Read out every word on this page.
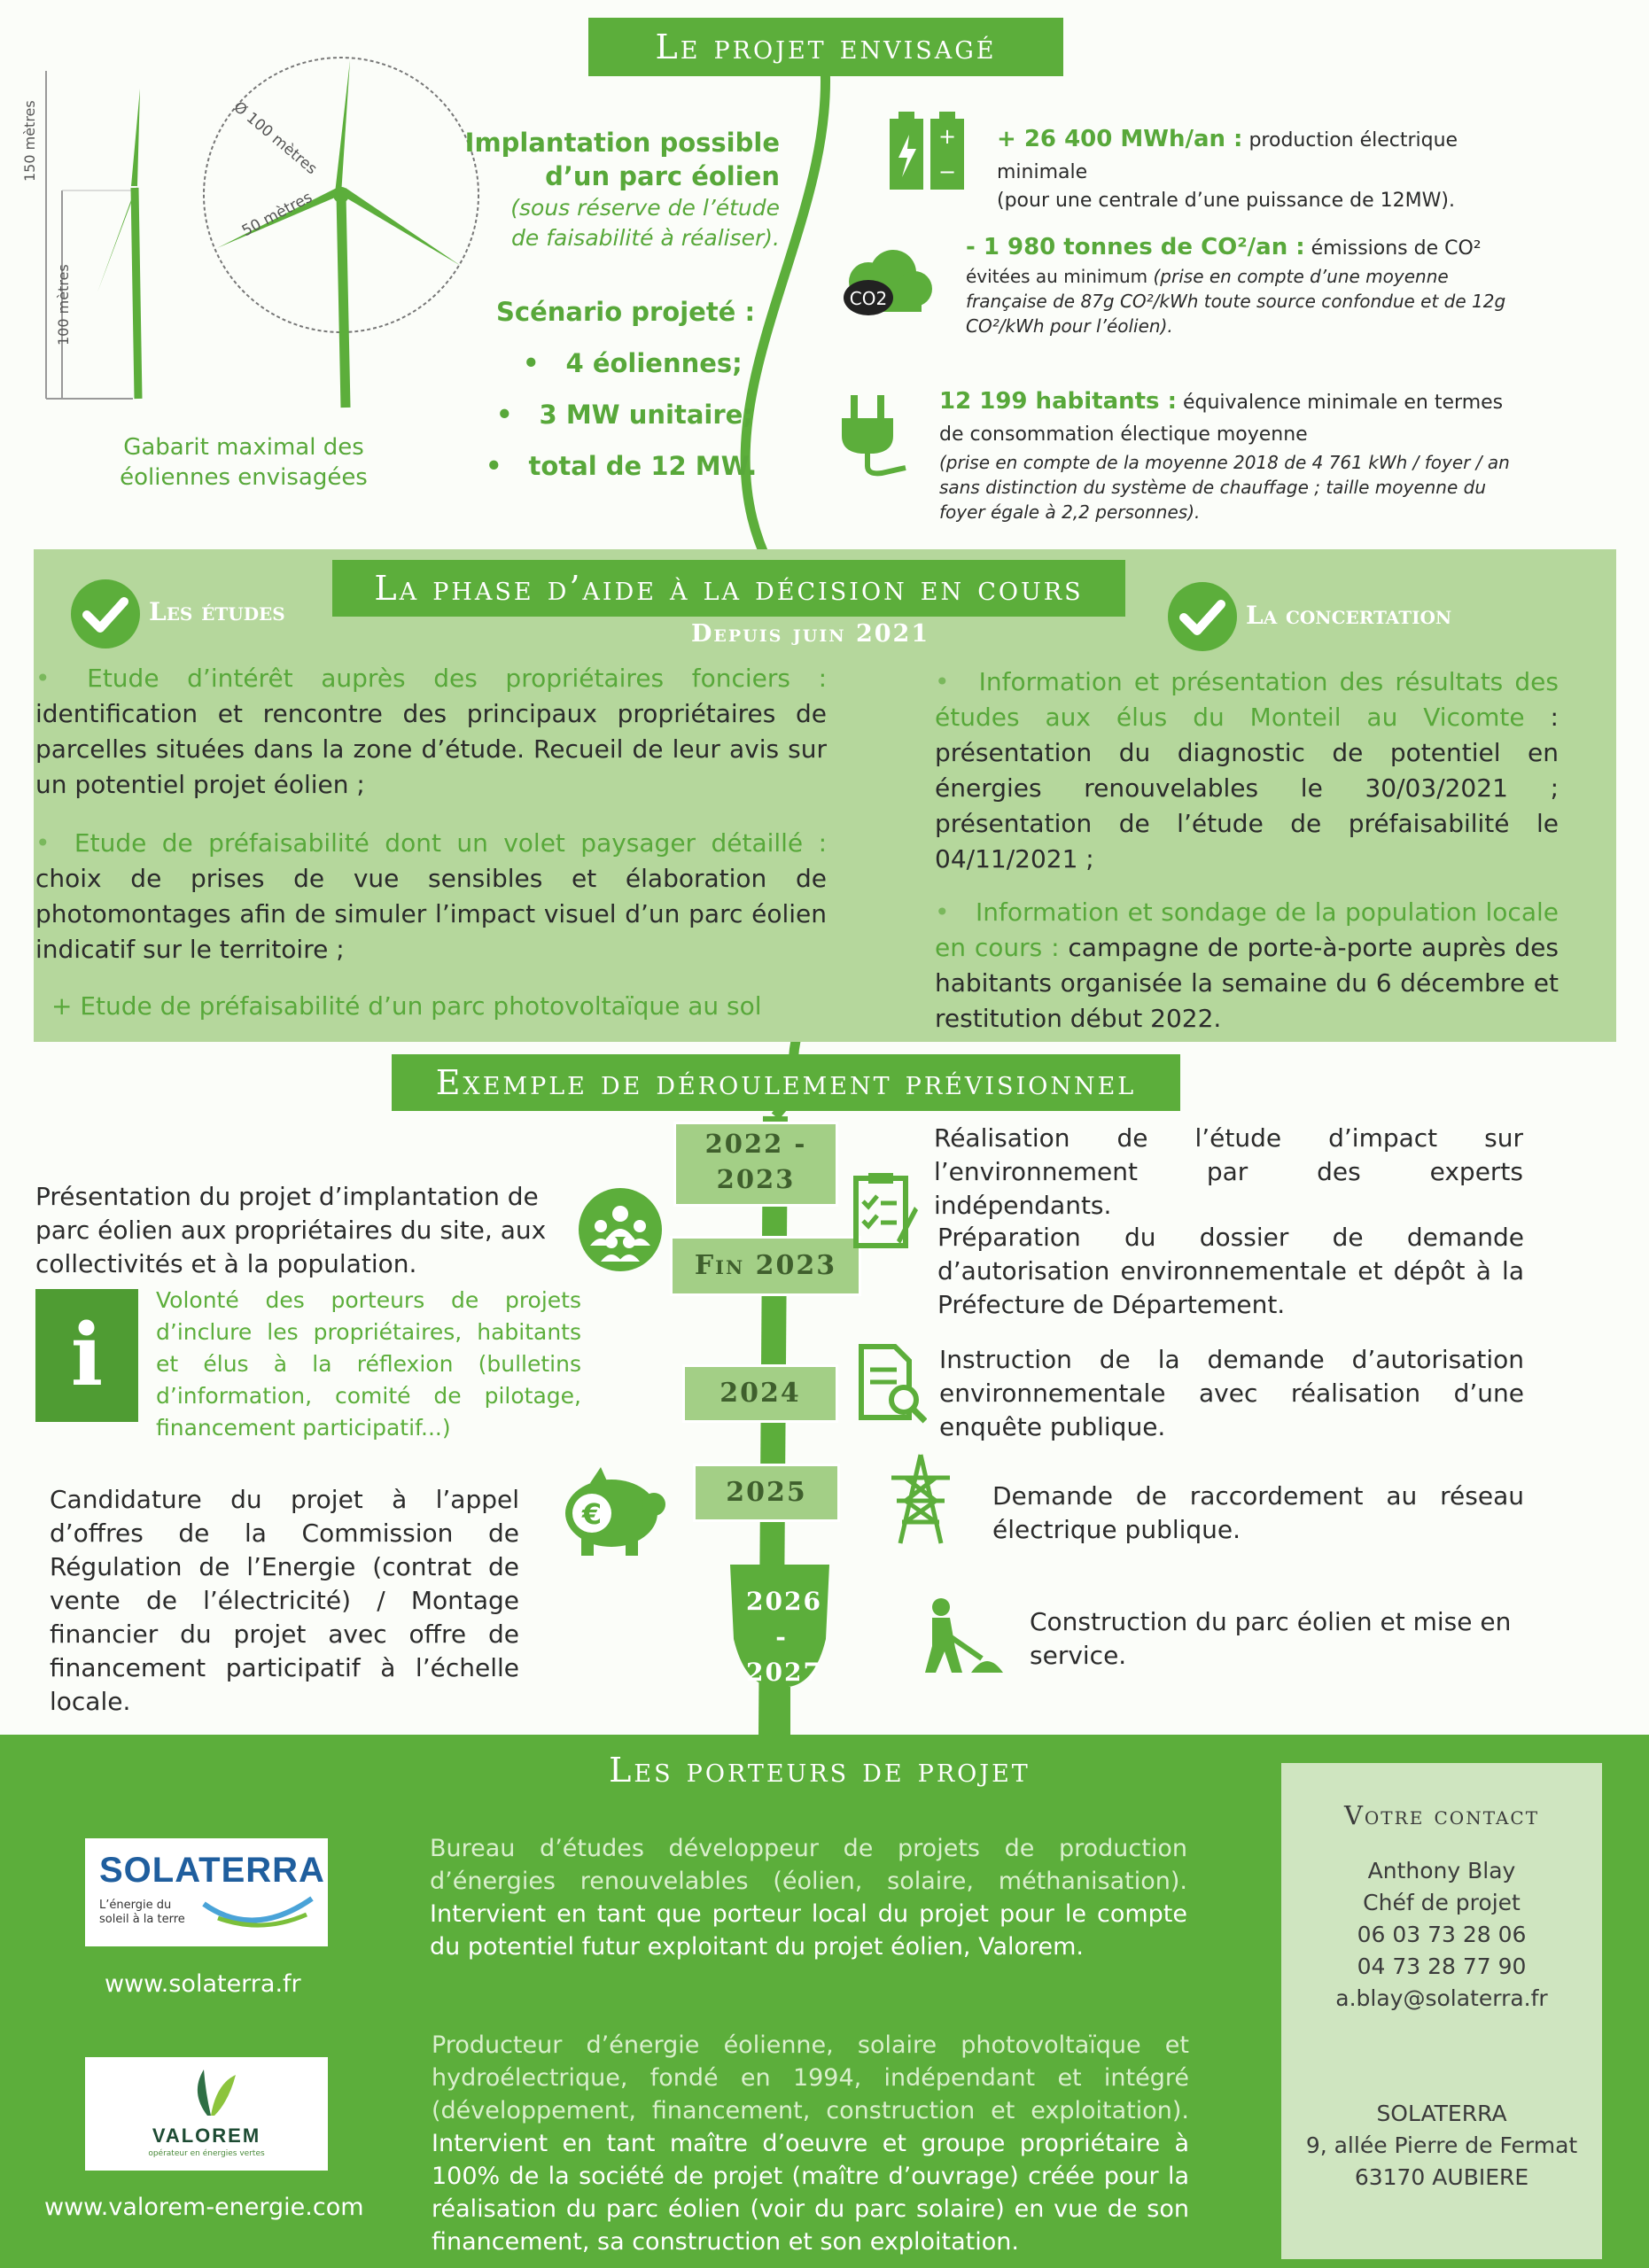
Le projet envisagé
150 mètres
100 mètres
Ø 100 mètres
50 mètres
Gabarit maximal des éoliennes envisagées
Implantation possible
d’un parc éolien
(sous réserve de l’étude
de faisabilité à réaliser).
Scénario projeté :
• 4 éoliennes;
• 3 MW unitaire;
• total de 12 MW.
+
−
+ 26 400 MWh/an : production électrique minimale
(pour une centrale d’une puissance de 12MW).
CO2
- 1 980 tonnes de CO²/an : émissions de CO²
évitées au minimum (prise en compte d’une moyenne française de 87g CO²/kWh toute source confondue et de 12g CO²/kWh pour l’éolien).
12 199 habitants : équivalence minimale en termes de consommation électique moyenne
(prise en compte de la moyenne 2018 de 4 761 kWh / foyer / an sans distinction du système de chauffage ; taille moyenne du foyer égale à 2,2 personnes).
La phase d’aide à la décision en cours
Depuis juin 2021
Les études	La concertation
• Etude d’intérêt auprès des propriétaires fonciers : identification et rencontre des principaux propriétaires de parcelles situées dans la zone d’étude. Recueil de leur avis sur un potentiel projet éolien ;
• Etude de préfaisabilité dont un volet paysager détaillé : choix de prises de vue sensibles et élaboration de photomontages afin de simuler l’impact visuel d’un parc éolien indicatif sur le territoire ;
+ Etude de préfaisabilité d’un parc photovoltaïque au sol
• Information et présentation des résultats des études aux élus du Monteil au Vicomte : présentation du diagnostic de potentiel en énergies renouvelables le 30/03/2021 ; présentation de l’étude de préfaisabilité le 04/11/2021 ;
• Information et sondage de la population locale en cours : campagne de porte-à-porte auprès des habitants organisée la semaine du 6 décembre et restitution début 2022.
Exemple de déroulement prévisionnel
2022 - 2023
Fin 2023
2024
2025
2026 - 2027
Présentation du projet d’implantation de parc éolien aux propriétaires du site, aux collectivités et à la population.
i
Volonté des porteurs de projets d’inclure les propriétaires, habitants et élus à la réflexion (bulletins d’information, comité de pilotage, financement participatif...)
Candidature du projet à l’appel d’offres de la Commission de Régulation de l’Energie (contrat de vente de l’électricité) / Montage financier du projet avec offre de financement participatif à l’échelle locale.
€
Réalisation de l’étude d’impact sur l’environnement par des experts indépendants.
Préparation du dossier de demande d’autorisation environnementale et dépôt à la Préfecture de Département.
Instruction de la demande d’autorisation environnementale avec réalisation d’une enquête publique.
Demande de raccordement au réseau électrique publique.
Construction du parc éolien et mise en service.
Les porteurs de projet
SOLATERRA
L’énergie du
soleil à la terre
www.solaterra.fr
Bureau d’études développeur de projets de production d’énergies renouvelables (éolien, solaire, méthanisation). Intervient en tant que porteur local du projet pour le compte du potentiel futur exploitant du projet éolien, Valorem.
VALOREM
opérateur en énergies vertes
www.valorem-energie.com
Producteur d’énergie éolienne, solaire photovoltaïque et hydroélectrique, fondé en 1994, indépendant et intégré (développement, financement, construction et exploitation). Intervient en tant maître d’oeuvre et groupe propriétaire à 100% de la société de projet (maître d’ouvrage) créée pour la réalisation du parc éolien (voir du parc solaire) en vue de son financement, sa construction et son exploitation.
Votre contact
Anthony Blay
Chéf de projet
06 03 73 28 06
04 73 28 77 90
a.blay@solaterra.fr
SOLATERRA
9, allée Pierre de Fermat
63170 AUBIERE
